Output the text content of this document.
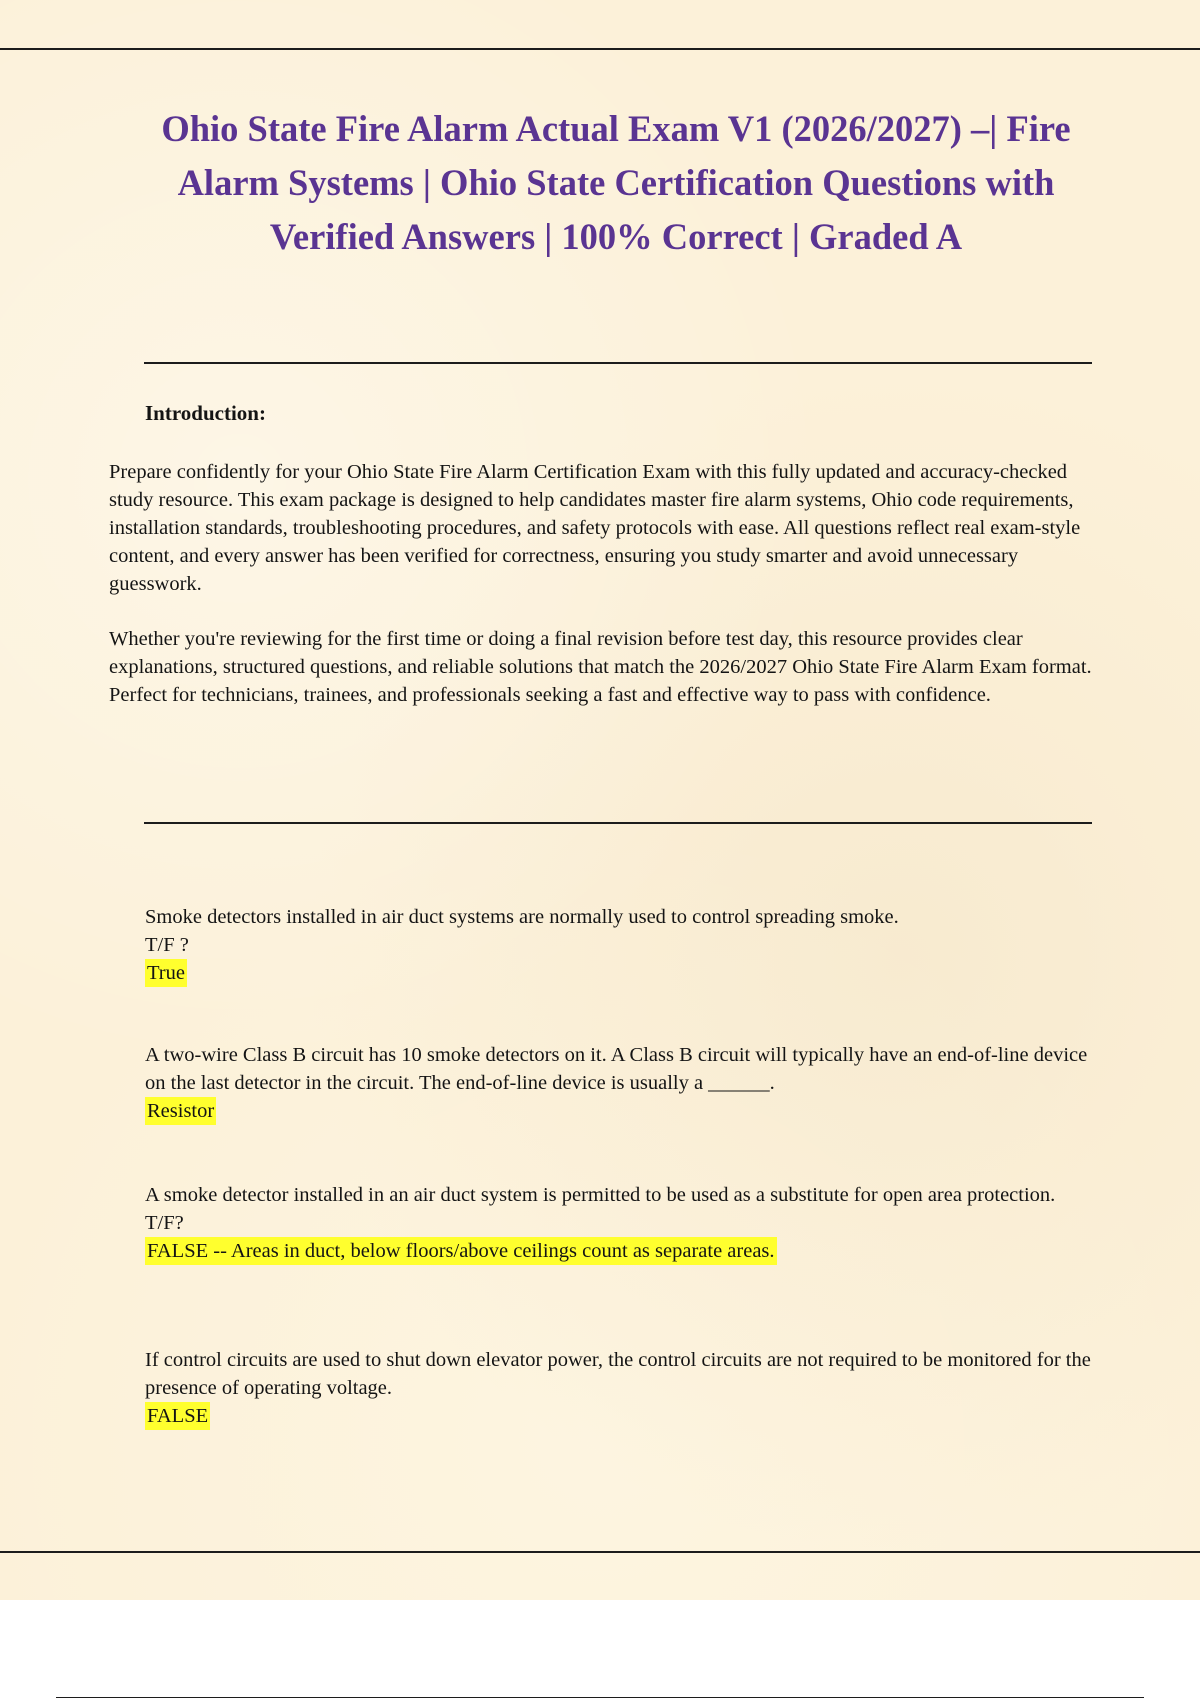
Ohio State Fire Alarm Actual Exam V1 (2026/2027) –| Fire Alarm Systems | Ohio State Certification Questions with Verified Answers | 100% Correct | Graded A
Introduction:

Prepare confidently for your Ohio State Fire Alarm Certification Exam with this fully updated and accuracy-checked study resource. This exam package is designed to help candidates master fire alarm systems, Ohio code requirements, installation standards, troubleshooting procedures, and safety protocols with ease. All questions reflect real exam-style content, and every answer has been verified for correctness, ensuring you study smarter and avoid unnecessary guesswork.

Whether you're reviewing for the first time or doing a final revision before test day, this resource provides clear explanations, structured questions, and reliable solutions that match the 2026/2027 Ohio State Fire Alarm Exam format. Perfect for technicians, trainees, and professionals seeking a fast and effective way to pass with confidence.

Smoke detectors installed in air duct systems are normally used to control spreading smoke.

T/F ?

True

A two-wire Class B circuit has 10 smoke detectors on it. A Class B circuit will typically have an end-of-line device on the last detector in the circuit. The end-of-line device is usually a ______.

Resistor

A smoke detector installed in an air duct system is permitted to be used as a substitute for open area protection.

T/F?

FALSE -- Areas in duct, below floors/above ceilings count as separate areas.

If control circuits are used to shut down elevator power, the control circuits are not required to be monitored for the presence of operating voltage.

FALSE
